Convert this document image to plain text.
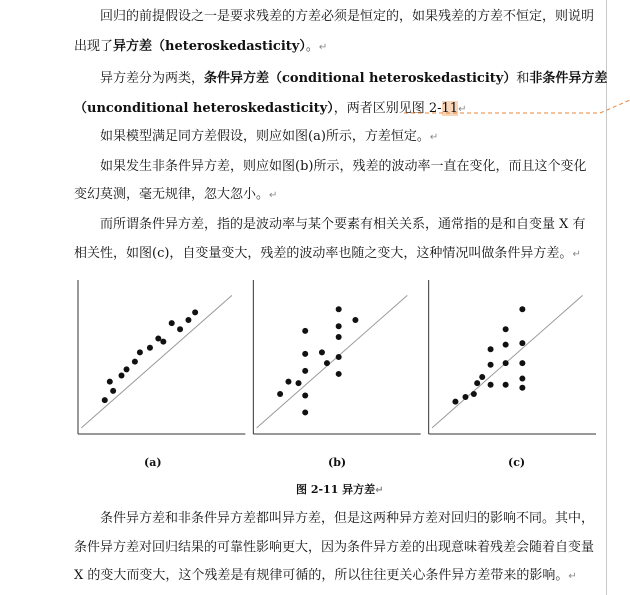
回归的前提假设之一是要求残差的方差必须是恒定的，如果残差的方差不恒定，则说明
出现了异方差（heteroskedasticity）。↵
异方差分为两类，条件异方差（conditional heteroskedasticity）和非条件异方差
（unconditional heteroskedasticity），两者区别见图 2-11↵
如果模型满足同方差假设，则应如图(a)所示，方差恒定。↵
如果发生非条件异方差，则应如图(b)所示，残差的波动率一直在变化，而且这个变化
变幻莫测，毫无规律，忽大忽小。↵
而所谓条件异方差，指的是波动率与某个要素有相关关系，通常指的是和自变量 X 有
相关性，如图(c)，自变量变大，残差的波动率也随之变大，这种情况叫做条件异方差。↵
(a)	(b)	(c)
图 2-11 异方差↵
条件异方差和非条件异方差都叫异方差，但是这两种异方差对回归的影响不同。其中，
条件异方差对回归结果的可靠性影响更大，因为条件异方差的出现意味着残差会随着自变量
X 的变大而变大，这个残差是有规律可循的，所以往往更关心条件异方差带来的影响。↵
